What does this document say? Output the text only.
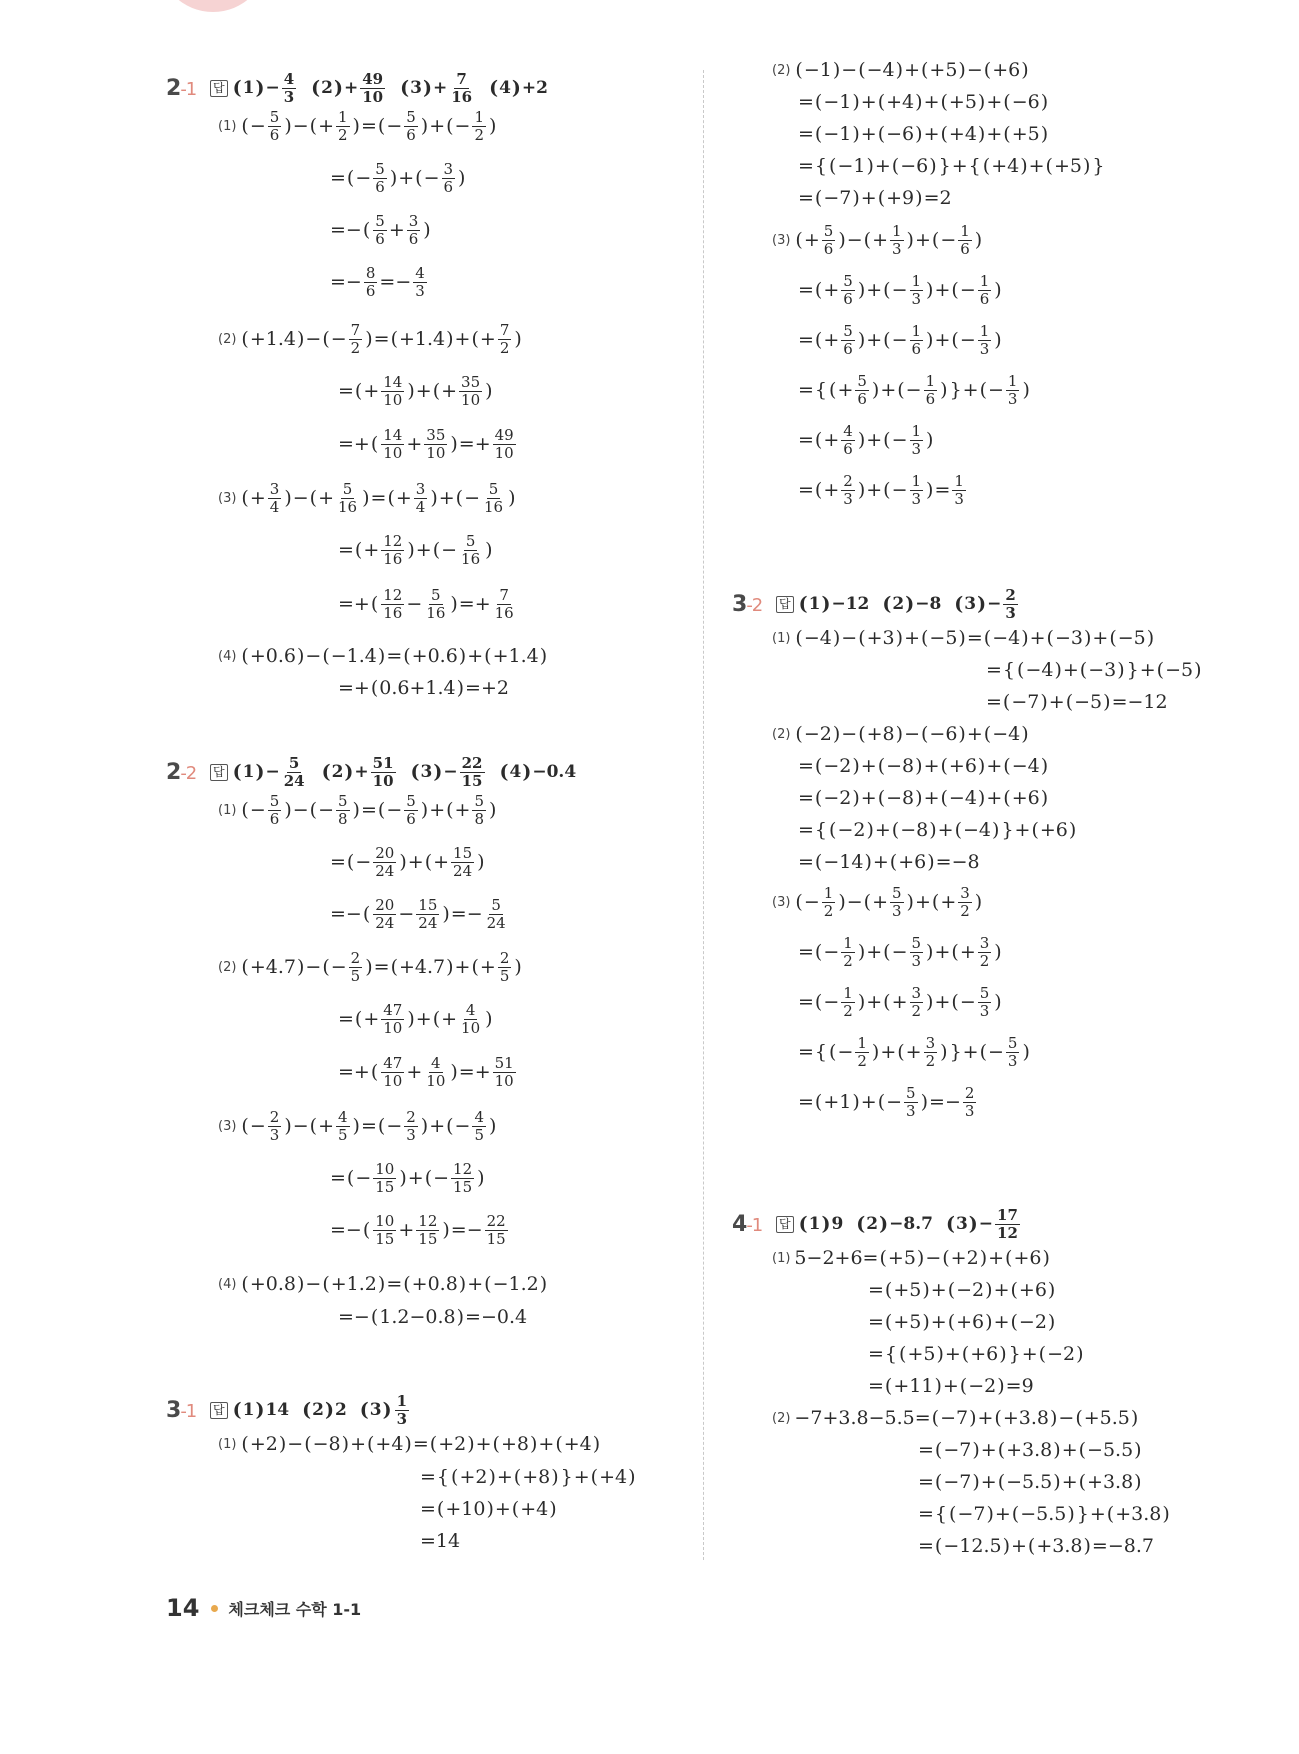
2-1	답 ( 1 ) − $\frac{4}{3}$ ( 2 ) + $\frac{49}{10}$ ( 3 ) + $\frac{7}{16}$ ( 4 ) + 2
(1) ( − $\frac{5}{6}$ ) − ( + $\frac{1}{2}$ ) = ( − $\frac{5}{6}$ ) + ( − $\frac{1}{2}$ )
= ( − $\frac{5}{6}$ ) + ( − $\frac{3}{6}$ )
= − ( $\frac{5}{6} + \frac{3}{6}$ )
= − $\frac{8}{6}$ = − $\frac{4}{3}$
(2) ( + 1.4 ) − ( − $\frac{7}{2}$ ) = ( + 1.4 ) + ( + $\frac{7}{2}$ )
= ( + $\frac{14}{10}$ ) + ( + $\frac{35}{10}$ )
= + ( $\frac{14}{10} + \frac{35}{10}$ ) = + $\frac{49}{10}$
(3) ( + $\frac{3}{4}$ ) − ( + $\frac{5}{16}$ ) = ( + $\frac{3}{4}$ ) + ( − $\frac{5}{16}$ )
= ( + $\frac{12}{16}$ ) + ( − $\frac{5}{16}$ )
= + ( $\frac{12}{16} - \frac{5}{16}$ ) = + $\frac{7}{16}$
(4) ( + 0.6 ) − ( − 1.4 ) = ( + 0.6 ) + ( + 1.4 )
= + ( 0.6 + 1.4 ) = + 2
2-2	답 ( 1 ) − $\frac{5}{24}$ ( 2 ) + $\frac{51}{10}$ ( 3 ) − $\frac{22}{15}$ ( 4 ) − 0.4
(1) ( − $\frac{5}{6}$ ) − ( − $\frac{5}{8}$ ) = ( − $\frac{5}{6}$ ) + ( + $\frac{5}{8}$ )
= ( − $\frac{20}{24}$ ) + ( + $\frac{15}{24}$ )
= − ( $\frac{20}{24} - \frac{15}{24}$ ) = − $\frac{5}{24}$
(2) ( + 4.7 ) − ( − $\frac{2}{5}$ ) = ( + 4.7 ) + ( + $\frac{2}{5}$ )
= ( + $\frac{47}{10}$ ) + ( + $\frac{4}{10}$ )
= + ( $\frac{47}{10} + \frac{4}{10}$ ) = + $\frac{51}{10}$
(3) ( − $\frac{2}{3}$ ) − ( + $\frac{4}{5}$ ) = ( − $\frac{2}{3}$ ) + ( − $\frac{4}{5}$ )
= ( − $\frac{10}{15}$ ) + ( − $\frac{12}{15}$ )
= − ( $\frac{10}{15} + \frac{12}{15}$ ) = − $\frac{22}{15}$
(4) ( + 0.8 ) − ( + 1.2 ) = ( + 0.8 ) + ( − 1.2 )
= − ( 1.2 − 0.8 ) = − 0.4
3-1	답 ( 1 ) 14 ( 2 ) 2 ( 3 ) $\frac{1}{3}$
(1) ( + 2 ) − ( − 8 ) + ( + 4 ) = ( + 2 ) + ( + 8 ) + ( + 4 )
= { ( + 2 ) + ( + 8 ) } + ( + 4 )
= ( + 10 ) + ( + 4 )
= 14
(2) ( − 1 ) − ( − 4 ) + ( + 5 ) − ( + 6 )
= ( − 1 ) + ( + 4 ) + ( + 5 ) + ( − 6 )
= ( − 1 ) + ( − 6 ) + ( + 4 ) + ( + 5 )
= { ( − 1 ) + ( − 6 ) } + { ( + 4 ) + ( + 5 ) }
= ( − 7 ) + ( + 9 ) = 2
(3) ( + $\frac{5}{6}$ ) − ( + $\frac{1}{3}$ ) + ( − $\frac{1}{6}$ )
= ( + $\frac{5}{6}$ ) + ( − $\frac{1}{3}$ ) + ( − $\frac{1}{6}$ )
= ( + $\frac{5}{6}$ ) + ( − $\frac{1}{6}$ ) + ( − $\frac{1}{3}$ )
= { ( + $\frac{5}{6}$ ) + ( − $\frac{1}{6}$ ) } + ( − $\frac{1}{3}$ )
= ( + $\frac{4}{6}$ ) + ( − $\frac{1}{3}$ )
= ( + $\frac{2}{3}$ ) + ( − $\frac{1}{3}$ ) = $\frac{1}{3}$
3-2	답 ( 1 ) − 12 ( 2 ) − 8 ( 3 ) − $\frac{2}{3}$
(1) ( − 4 ) − ( + 3 ) + ( − 5 ) = ( − 4 ) + ( − 3 ) + ( − 5 )
= { ( − 4 ) + ( − 3 ) } + ( − 5 )
= ( − 7 ) + ( − 5 ) = − 12
(2) ( − 2 ) − ( + 8 ) − ( − 6 ) + ( − 4 )
= ( − 2 ) + ( − 8 ) + ( + 6 ) + ( − 4 )
= ( − 2 ) + ( − 8 ) + ( − 4 ) + ( + 6 )
= { ( − 2 ) + ( − 8 ) + ( − 4 ) } + ( + 6 )
= ( − 14 ) + ( + 6 ) = − 8
(3) ( − $\frac{1}{2}$ ) − ( + $\frac{5}{3}$ ) + ( + $\frac{3}{2}$ )
= ( − $\frac{1}{2}$ ) + ( − $\frac{5}{3}$ ) + ( + $\frac{3}{2}$ )
= ( − $\frac{1}{2}$ ) + ( + $\frac{3}{2}$ ) + ( − $\frac{5}{3}$ )
= { ( − $\frac{1}{2}$ ) + ( + $\frac{3}{2}$ ) } + ( − $\frac{5}{3}$ )
= ( + 1 ) + ( − $\frac{5}{3}$ ) = − $\frac{2}{3}$
4-1	답 ( 1 ) 9 ( 2 ) − 8.7 ( 3 ) − $\frac{17}{12}$
(1) 5 − 2 + 6 = ( + 5 ) − ( + 2 ) + ( + 6 )
= ( + 5 ) + ( − 2 ) + ( + 6 )
= ( + 5 ) + ( + 6 ) + ( − 2 )
= { ( + 5 ) + ( + 6 ) } + ( − 2 )
= ( + 11 ) + ( − 2 ) = 9
(2) − 7 + 3.8 − 5.5 = ( − 7 ) + ( + 3.8 ) − ( + 5.5 )
= ( − 7 ) + ( + 3.8 ) + ( − 5.5 )
= ( − 7 ) + ( − 5.5 ) + ( + 3.8 )
= { ( − 7 ) + ( − 5.5 ) } + ( + 3.8 )
= ( − 12.5 ) + ( + 3.8 ) = − 8.7
14 체크체크 수학 1-1
